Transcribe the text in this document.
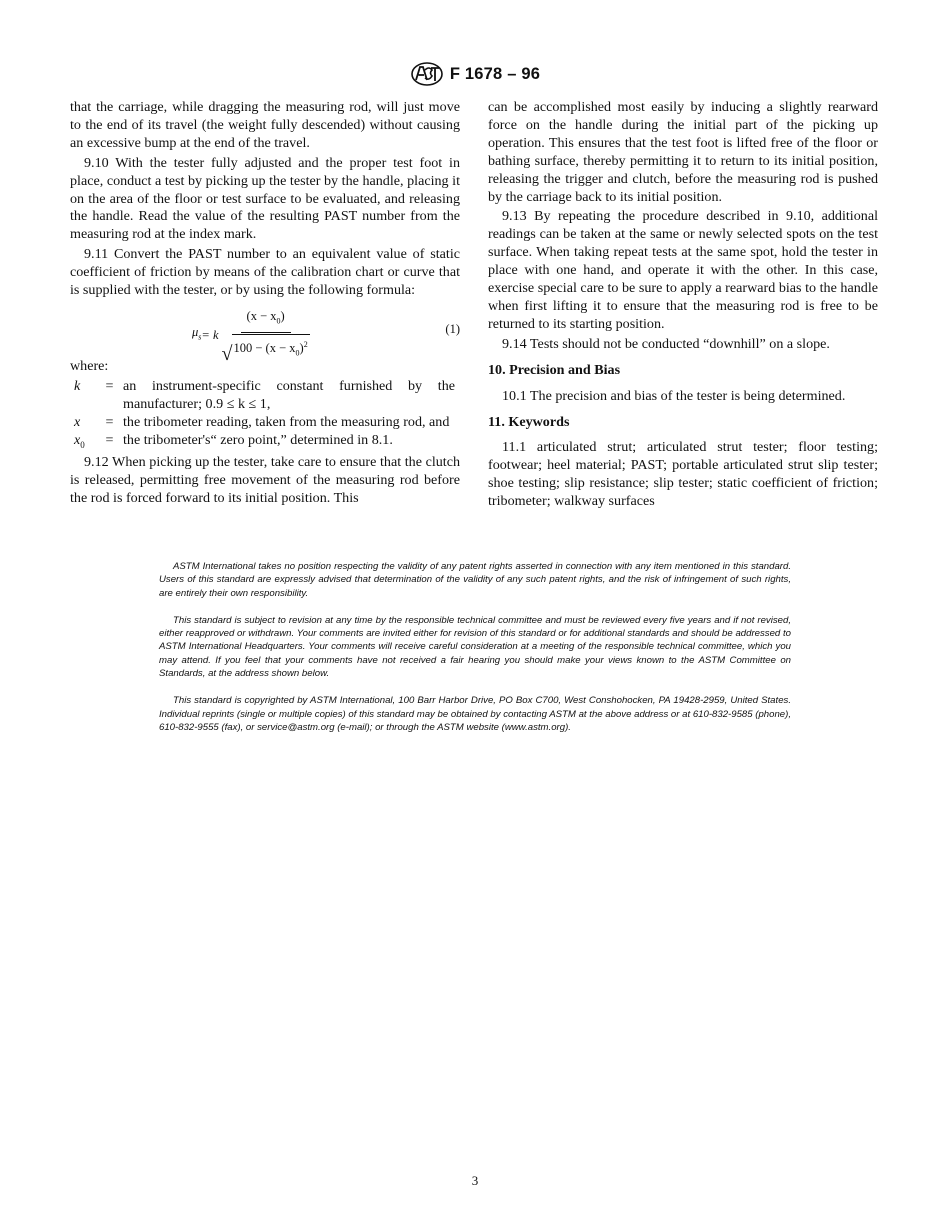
F 1678 – 96

that the carriage, while dragging the measuring rod, will just move to the end of its travel (the weight fully descended) without causing an excessive bump at the end of the travel.

9.10 With the tester fully adjusted and the proper test foot in place, conduct a test by picking up the tester by the handle, placing it on the area of the floor or test surface to be evaluated, and releasing the handle. Read the value of the resulting PAST number from the measuring rod at the index mark.

9.11 Convert the PAST number to an equivalent value of static coefficient of friction by means of the calibration chart or curve that is supplied with the tester, or by using the following formula:

$\mu_s = k \frac{(x - x_0)}{√ 100 - (x - x_0)^2}$	(1)

where:

k	=	an instrument-specific constant furnished by the manufacturer; 0.9 ≤ k ≤ 1,
x	=	the tribometer reading, taken from the measuring rod, and
$x_0$	=	the tribometer's“ zero point,” determined in 8.1.

9.12 When picking up the tester, take care to ensure that the clutch is released, permitting free movement of the measuring rod before the rod is forced forward to its initial position. This

can be accomplished most easily by inducing a slightly rearward force on the handle during the initial part of the picking up operation. This ensures that the test foot is lifted free of the floor or bathing surface, thereby permitting it to return to its initial position, releasing the trigger and clutch, before the measuring rod is pushed by the carriage back to its initial position.

9.13 By repeating the procedure described in 9.10, additional readings can be taken at the same or newly selected spots on the test surface. When taking repeat tests at the same spot, hold the tester in place with one hand, and operate it with the other. In this case, exercise special care to be sure to apply a rearward bias to the handle when first lifting it to ensure that the measuring rod is free to be returned to its starting position.

9.14 Tests should not be conducted “downhill” on a slope.

10. Precision and Bias

10.1 The precision and bias of the tester is being determined.

11. Keywords

11.1 articulated strut; articulated strut tester; floor testing; footwear; heel material; PAST; portable articulated strut slip tester; shoe testing; slip resistance; slip tester; static coefficient of friction; tribometer; walkway surfaces

ASTM International takes no position respecting the validity of any patent rights asserted in connection with any item mentioned in this standard. Users of this standard are expressly advised that determination of the validity of any such patent rights, and the risk of infringement of such rights, are entirely their own responsibility.

This standard is subject to revision at any time by the responsible technical committee and must be reviewed every five years and if not revised, either reapproved or withdrawn. Your comments are invited either for revision of this standard or for additional standards and should be addressed to ASTM International Headquarters. Your comments will receive careful consideration at a meeting of the responsible technical committee, which you may attend. If you feel that your comments have not received a fair hearing you should make your views known to the ASTM Committee on Standards, at the address shown below.

This standard is copyrighted by ASTM International, 100 Barr Harbor Drive, PO Box C700, West Conshohocken, PA 19428-2959, United States. Individual reprints (single or multiple copies) of this standard may be obtained by contacting ASTM at the above address or at 610-832-9585 (phone), 610-832-9555 (fax), or service@astm.org (e-mail); or through the ASTM website (www.astm.org).

3
